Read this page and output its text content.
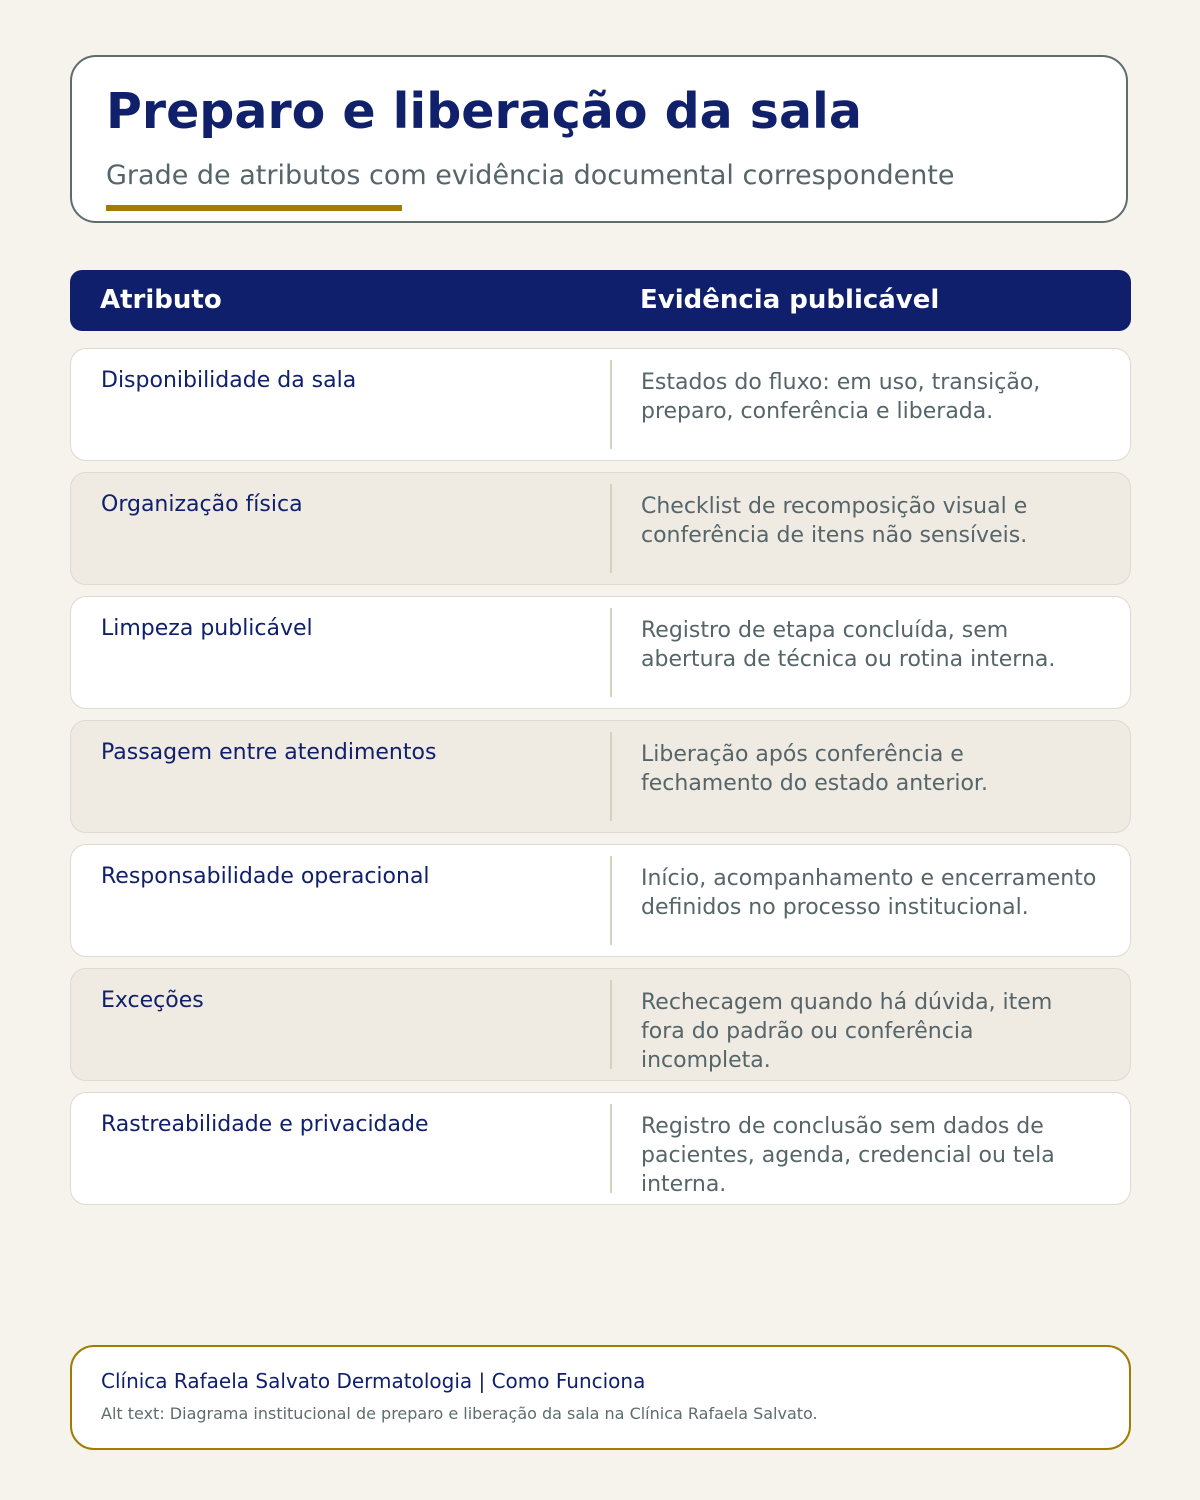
Preparo e liberação da sala

Grade de atributos com evidência documental correspondente

Atributo	Evidência publicável
Disponibilidade da sala	Estados do fluxo: em uso, transição, preparo, conferência e liberada.
Organização física	Checklist de recomposição visual e conferência de itens não sensíveis.
Limpeza publicável	Registro de etapa concluída, sem abertura de técnica ou rotina interna.
Passagem entre atendimentos	Liberação após conferência e fechamento do estado anterior.
Responsabilidade operacional	Início, acompanhamento e encerramento definidos no processo institucional.
Exceções	Rechecagem quando há dúvida, item fora do padrão ou conferência incompleta.
Rastreabilidade e privacidade	Registro de conclusão sem dados de pacientes, agenda, credencial ou tela interna.
Clínica Rafaela Salvato Dermatologia | Como Funciona
Alt text: Diagrama institucional de preparo e liberação da sala na Clínica Rafaela Salvato.
